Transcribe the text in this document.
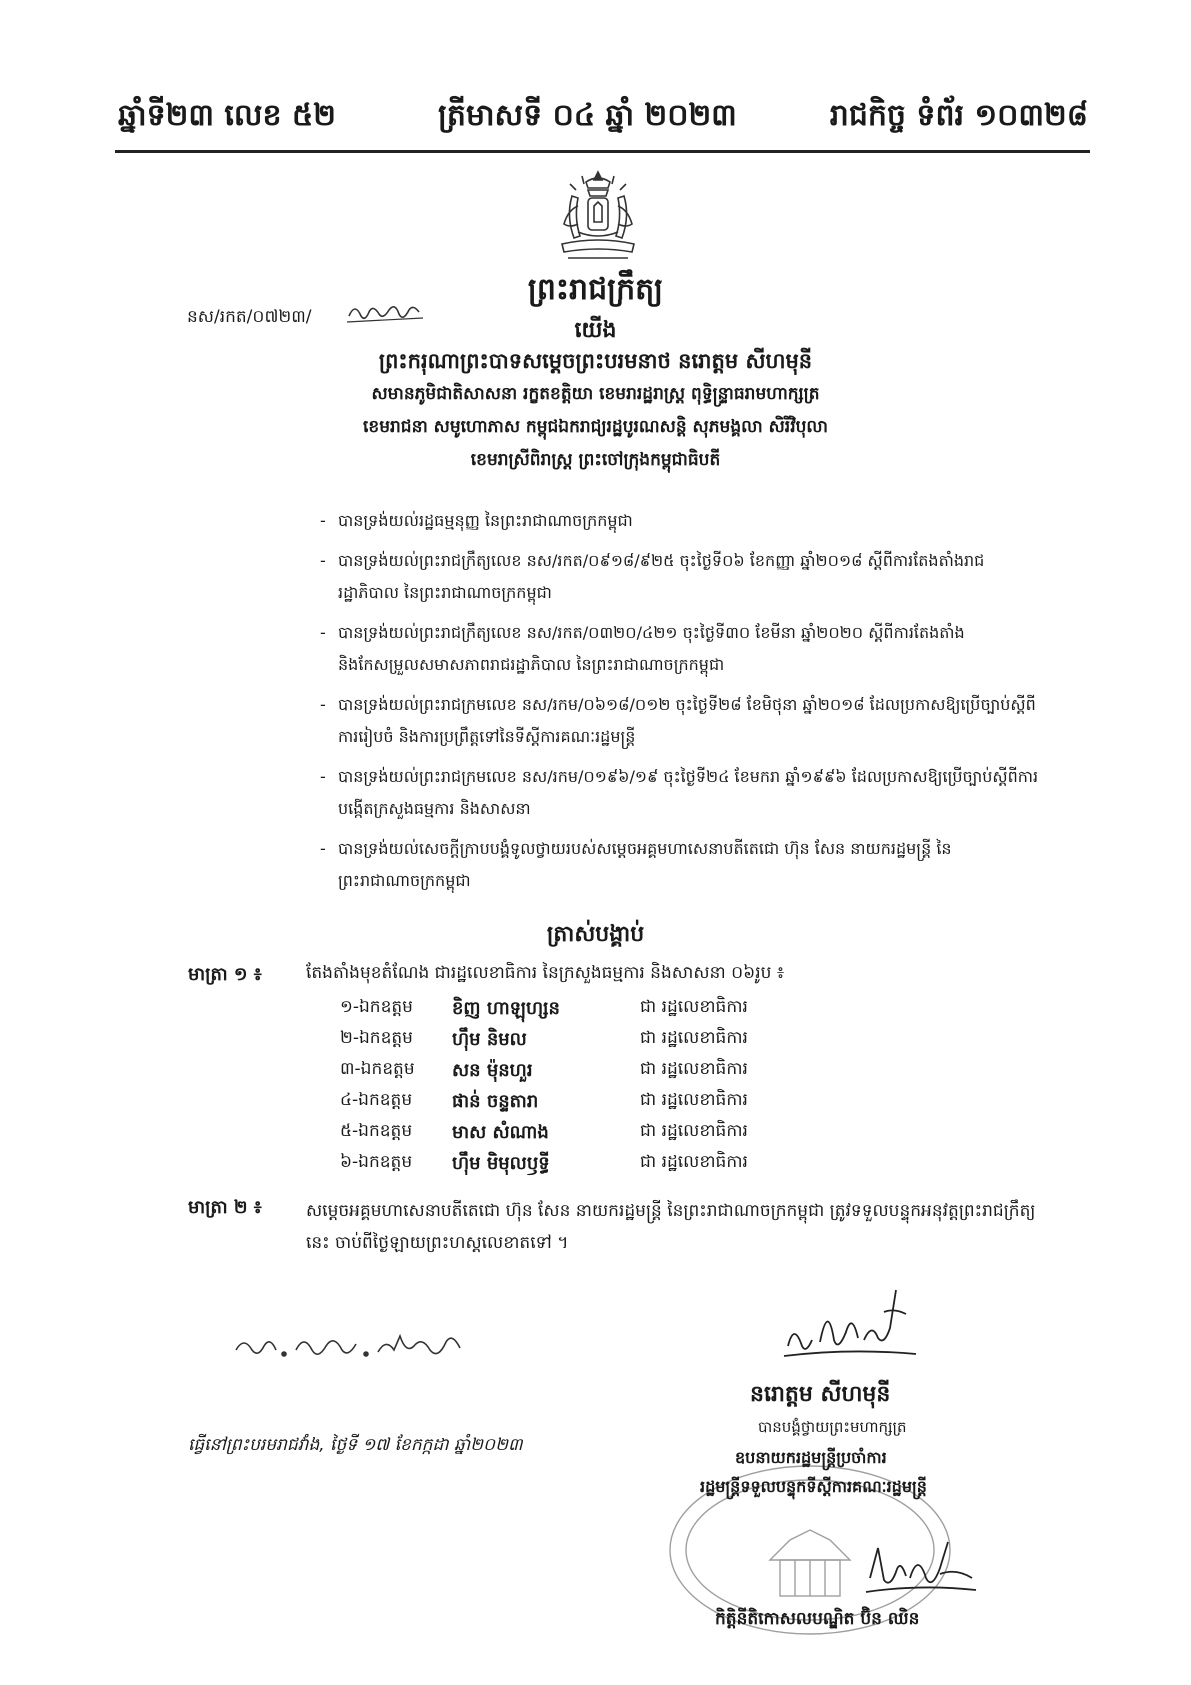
ឆ្នាំទី២៣ លេខ ៥២	ត្រីមាសទី ០៤ ឆ្នាំ ២០២៣	រាជកិច្ច ទំព័រ ១០៣២៨
ព្រះរាជក្រឹត្យ
នស/រកត/០៧២៣/
យើង
ព្រះករុណាព្រះបាទសម្តេចព្រះបរមនាថ នរោត្តម សីហមុនី
សមានភូមិជាតិសាសនា រក្ខតខត្តិយា ខេមរារដ្ឋរាស្ត្រ ពុទ្ធិន្ទ្រាធរាមហាក្សត្រ
ខេមរាជនា សមូហោភាស កម្ពុជឯករាជ្យរដ្ឋបូរណសន្តិ សុភមង្គលា សិរីវិបុលា
ខេមរាស្រីពិរាស្ត្រ ព្រះចៅក្រុងកម្ពុជាធិបតី
- បានទ្រង់យល់រដ្ឋធម្មនុញ្ញ នៃព្រះរាជាណាចក្រកម្ពុជា
- បានទ្រង់យល់ព្រះរាជក្រឹត្យលេខ នស/រកត/០៩១៨/៩២៥ ចុះថ្ងៃទី០៦ ខែកញ្ញា ឆ្នាំ២០១៨ ស្តីពីការតែងតាំងរាជរដ្ឋាភិបាល នៃព្រះរាជាណាចក្រកម្ពុជា
- បានទ្រង់យល់ព្រះរាជក្រឹត្យលេខ នស/រកត/០៣២០/៤២១ ចុះថ្ងៃទី៣០ ខែមីនា ឆ្នាំ២០២០ ស្តីពីការតែងតាំង និងកែសម្រួលសមាសភាពរាជរដ្ឋាភិបាល នៃព្រះរាជាណាចក្រកម្ពុជា
- បានទ្រង់យល់ព្រះរាជក្រមលេខ នស/រកម/០៦១៨/០១២ ចុះថ្ងៃទី២៨ ខែមិថុនា ឆ្នាំ២០១៨ ដែលប្រកាសឱ្យប្រើច្បាប់ស្តីពីការរៀបចំ និងការប្រព្រឹត្តទៅនៃទីស្តីការគណៈរដ្ឋមន្ត្រី
- បានទ្រង់យល់ព្រះរាជក្រមលេខ នស/រកម/០១៩៦/១៩ ចុះថ្ងៃទី២៤ ខែមករា ឆ្នាំ១៩៩៦ ដែលប្រកាសឱ្យប្រើច្បាប់ស្តីពីការបង្កើតក្រសួងធម្មការ និងសាសនា
- បានទ្រង់យល់សេចក្តីក្រាបបង្គំទូលថ្វាយរបស់សម្តេចអគ្គមហាសេនាបតីតេជោ ហ៊ុន សែន នាយករដ្ឋមន្ត្រី នៃព្រះរាជាណាចក្រកម្ពុជា
ត្រាស់បង្គាប់
មាត្រា ១ ៖	តែងតាំងមុខតំណែង ជារដ្ឋលេខាធិការ នៃក្រសួងធម្មការ និងសាសនា ០៦រូប ៖
១-ឯកឧត្តម ខិញ ហាឡុហ្សន	ជា រដ្ឋលេខាធិការ
២-ឯកឧត្តម ហ៊ឹម និមល	ជា រដ្ឋលេខាធិការ
៣-ឯកឧត្តម សន ម៉ុនហួរ	ជា រដ្ឋលេខាធិការ
៤-ឯកឧត្តម ផាន់ ចន្ទតារា	ជា រដ្ឋលេខាធិការ
៥-ឯកឧត្តម មាស សំណាង	ជា រដ្ឋលេខាធិការ
៦-ឯកឧត្តម ហ៊ឹម មិមុលឫទ្ធី	ជា រដ្ឋលេខាធិការ
មាត្រា ២ ៖	សម្តេចអគ្គមហាសេនាបតីតេជោ ហ៊ុន សែន នាយករដ្ឋមន្ត្រី នៃព្រះរាជាណាចក្រកម្ពុជា ត្រូវទទួលបន្ទុកអនុវត្តព្រះរាជក្រឹត្យនេះ ចាប់ពីថ្ងៃឡាយព្រះហស្តលេខាតទៅ ។
នរោត្តម សីហមុនី
ធ្វើនៅព្រះបរមរាជវាំង, ថ្ងៃទី ១៧ ខែកក្កដា ឆ្នាំ២០២៣
បានបង្គំថ្វាយព្រះមហាក្សត្រ
ឧបនាយករដ្ឋមន្ត្រីប្រចាំការ
រដ្ឋមន្ត្រីទទួលបន្ទុកទីស្តីការគណៈរដ្ឋមន្ត្រី
កិត្តិនីតិកោសលបណ្ឌិត ប៊ិន ឈិន
